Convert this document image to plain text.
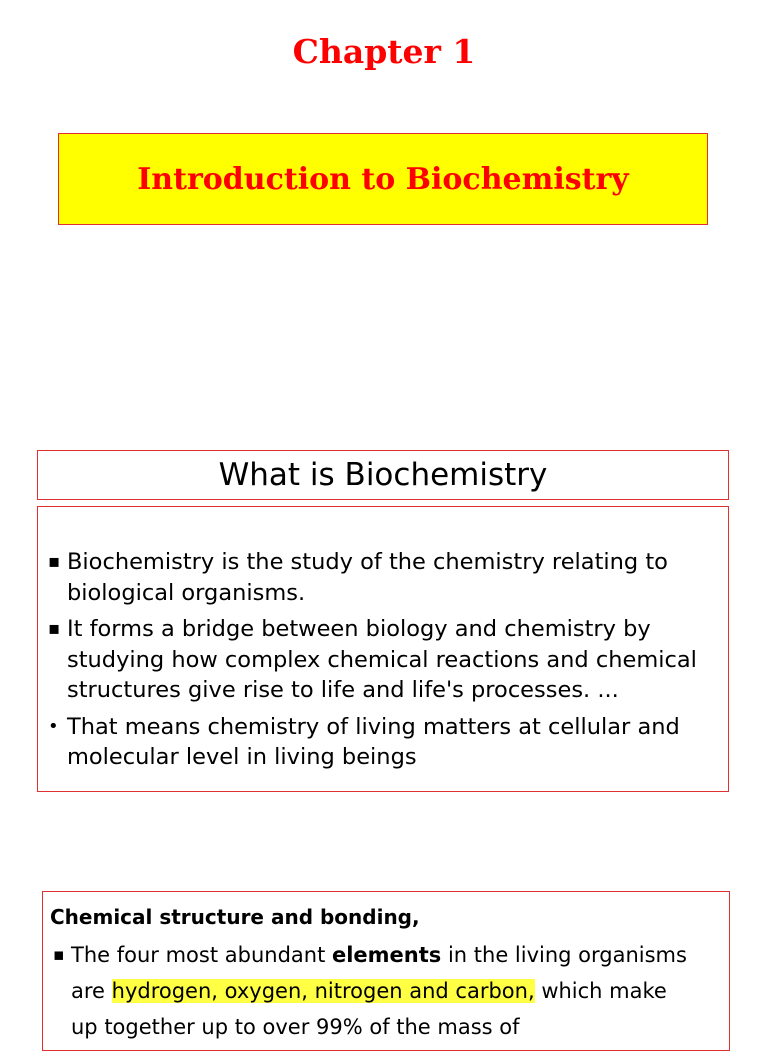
Chapter 1
Introduction to Biochemistry
What is Biochemistry
▪ Biochemistry is the study of the chemistry relating to biological organisms.
▪ It forms a bridge between biology and chemistry by studying how complex chemical reactions and chemical structures give rise to life and life's processes. ...
• That means chemistry of living matters at cellular and molecular level in living beings
Chemical structure and bonding,
▪ The four most abundant elements in the living organisms are hydrogen, oxygen, nitrogen and carbon, which make up together up to over 99% of the mass of
